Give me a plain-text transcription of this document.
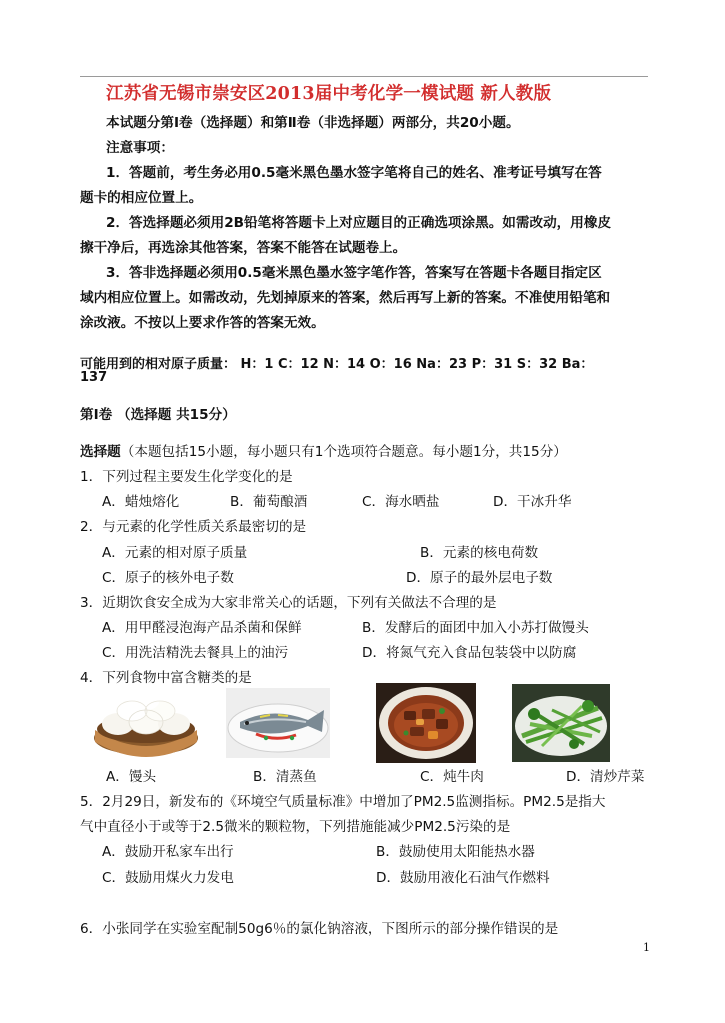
江苏省无锡市崇安区2013届中考化学一模试题 新人教版
本试题分第Ⅰ卷（选择题）和第Ⅱ卷（非选择题）两部分，共20小题。
注意事项：
1．答题前，考生务必用0.5毫米黑色墨水签字笔将自己的姓名、准考证号填写在答
题卡的相应位置上。
2．答选择题必须用2B铅笔将答题卡上对应题目的正确选项涂黑。如需改动，用橡皮
擦干净后，再选涂其他答案，答案不能答在试题卷上。
3．答非选择题必须用0.5毫米黑色墨水签字笔作答，答案写在答题卡各题目指定区
域内相应位置上。如需改动，先划掉原来的答案，然后再写上新的答案。不准使用铅笔和
涂改液。不按以上要求作答的答案无效。
可能用到的相对原子质量： H：1 C：12 N：14 O：16 Na：23 P：31 S：32 Ba：
137
第Ⅰ卷 （选择题 共15分）
选择题（本题包括15小题，每小题只有1个选项符合题意。每小题1分，共15分）
1．下列过程主要发生化学变化的是
A．蜡烛熔化	B．葡萄酿酒	C．海水晒盐	D．干冰升华
2．与元素的化学性质关系最密切的是
A．元素的相对原子质量	B．元素的核电荷数
C．原子的核外电子数	D．原子的最外层电子数
3．近期饮食安全成为大家非常关心的话题，下列有关做法不合理的是
A．用甲醛浸泡海产品杀菌和保鲜	B．发酵后的面团中加入小苏打做馒头
C．用洗洁精洗去餐具上的油污	D．将氮气充入食品包装袋中以防腐
4．下列食物中富含糖类的是
A．馒头	B．清蒸鱼	C．炖牛肉	D．清炒芹菜
5．2月29日，新发布的《环境空气质量标准》中增加了PM2.5监测指标。PM2.5是指大
气中直径小于或等于2.5微米的颗粒物，下列措施能减少PM2.5污染的是
A．鼓励开私家车出行	B．鼓励使用太阳能热水器
C．鼓励用煤火力发电	D．鼓励用液化石油气作燃料
6．小张同学在实验室配制50g6％的氯化钠溶液，下图所示的部分操作错误的是
1
